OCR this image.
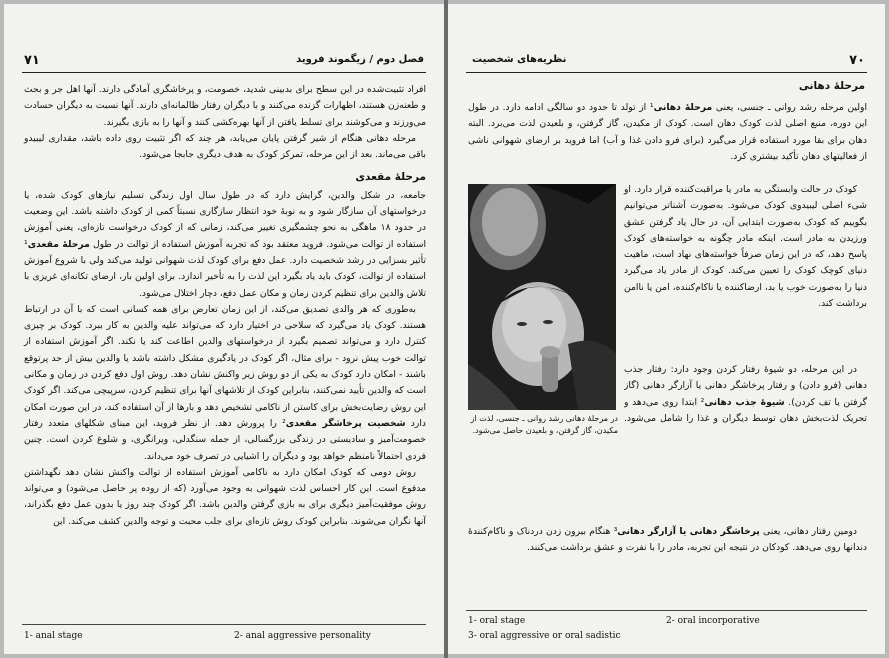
۷۱	فصل دوم / زیگموند فروید

افراد تثبیت‌شده در این سطح برای بدبینی شدید، خصومت، و پرخاشگری آمادگی دارند. آنها اهل جر و بحث و طعنه‌زن هستند، اظهارات گزنده می‌کنند و با دیگران رفتار ظالمانه‌ای دارند. آنها نسبت به دیگران حسادت می‌ورزند و می‌کوشند برای تسلط یافتن از آنها بهره‌کشی کنند و آنها را به بازی بگیرند.

مرحله دهانی هنگام از شیر گرفتن پایان می‌یابد، هر چند که اگر تثبیت روی داده باشد، مقداری لیبیدو باقی می‌ماند. بعد از این مرحله، تمرکز کودک به هدف دیگری جابجا می‌شود.

مرحلهٔ مقعدی

جامعه، در شکل والدین، گرایش دارد که در طول سال اول زندگی تسلیم نیازهای کودک شده، یا درخواستهای آن سازگار شود و به نوبهٔ خود انتظار سازگاری نسبتاً کمی از کودک داشته باشد. این وضعیت در حدود ۱۸ ماهگی به نحو چشمگیری تغییر می‌کند، زمانی که از کودک درخواست تازه‌ای، یعنی آموزش استفاده از توالت می‌شود. فروید معتقد بود که تجربه آموزش استفاده از توالت در طول مرحلهٔ مقعدی¹ تأثیر بسزایی در رشد شخصیت دارد. عمل دفع برای کودک لذت شهوانی تولید می‌کند ولی با شروع آموزش استفاده از توالت، کودک باید یاد بگیرد این لذت را به تأخیر اندازد. برای اولین بار، ارضای تکانه‌ای غریزی با تلاش والدین برای تنظیم کردن زمان و مکان عمل دفع، دچار اختلال می‌شود.

به‌طوری که هر والدی تصدیق می‌کند، از این زمان تعارض برای همه کسانی است که با آن در ارتباط هستند. کودک یاد می‌گیرد که سلاحی در اختیار دارد که می‌تواند علیه والدین به کار ببرد. کودک بر چیزی کنترل دارد و می‌تواند تصمیم بگیرد از درخواستهای والدین اطاعت کند یا نکند. اگر آموزش استفاده از توالت خوب پیش نرود - برای مثال، اگر کودک در یادگیری مشکل داشته باشد یا والدین بیش از حد پرتوقع باشند - امکان دارد کودک به یکی از دو روش زیر واکنش نشان دهد. روش اول دفع کردن در زمان و مکانی است که والدین تأیید نمی‌کنند، بنابراین کودک از تلاشهای آنها برای تنظیم کردن، سرپیچی می‌کند. اگر کودک این روش رضایت‌بخش برای کاستن از ناکامی تشخیص دهد و بارها از آن استفاده کند، در این صورت امکان دارد شخصیت پرخاشگر مقعدی² را پرورش دهد. از نظر فروید، این مبنای شکلهای متعدد رفتار خصومت‌آمیز و سادیستی در زندگی بزرگسالی، از جمله سنگدلی، ویرانگری، و شلوغ کردن است. چنین فردی احتمالاً نامنظم خواهد بود و دیگران را اشیایی در تصرف خود می‌داند.

روش دومی که کودک امکان دارد به ناکامی آموزش استفاده از توالت واکنش نشان دهد نگهداشتن مدفوع است. این کار احساس لذت شهوانی به وجود می‌آورد (که از روده پر حاصل می‌شود) و می‌تواند روش موفقیت‌آمیز دیگری برای به بازی گرفتن والدین باشد. اگر کودک چند روز یا بدون عمل دفع بگذراند، آنها نگران می‌شوند. بنابراین کودک روش تازه‌ای برای جلب محبت و توجه والدین کشف می‌کند. این

1- anal stage	2- anal aggressive personality
نظریه‌های شخصیت	۷۰
مرحلهٔ دهانی

اولین مرحله رشد روانی ـ جنسی، یعنی مرحلهٔ دهانی¹ از تولد تا حدود دو سالگی ادامه دارد. در طول این دوره، منبع اصلی لذت کودک دهان است. کودک از مکیدن، گاز گرفتن، و بلعیدن لذت می‌برد. البته دهان برای بقا مورد استفاده قرار می‌گیرد (برای فرو دادن غذا و آب) اما فروید بر ارضای شهوانی ناشی از فعالیتهای دهان تأکید بیشتری کرد.

در مرحلهٔ دهانی رشد روانی ـ جنسی، لذت از مکیدن، گاز گرفتن، و بلعیدن حاصل می‌شود.

کودک در حالت وابستگی به مادر یا مراقبت‌کننده قرار دارد. او شیء اصلی لیبیدوی کودک می‌شود. به‌صورت آشناتر می‌توانیم بگوییم که کودک به‌صورت ابتدایی آن، در حال یاد گرفتن عشق ورزیدن به مادر است. اینکه مادر چگونه به خواسته‌های کودک پاسخ دهد، که در این زمان صرفاً خواسته‌های نهاد است، ماهیت دنیای کوچک کودک را تعیین می‌کند. کودک از مادر یاد می‌گیرد دنیا را به‌صورت خوب یا بد، ارضاکننده یا ناکام‌کننده، امن یا ناامن برداشت کند.

در این مرحله، دو شیوهٔ رفتار کردن وجود دارد: رفتار جذب دهانی (فرو دادن) و رفتار پرخاشگر دهانی یا آزارگر دهانی (گاز گرفتن یا تف کردن). شیوهٔ جذب دهانی² ابتدا روی می‌دهد و تحریک لذت‌بخش دهان توسط دیگران و غذا را شامل می‌شود.

دومین رفتار دهانی، یعنی پرخاشگر دهانی یا آزارگر دهانی³ هنگام بیرون زدن دردناک و ناکام‌کنندهٔ دندانها روی می‌دهد. کودکان در نتیجه این تجربه، مادر را با نفرت و عشق برداشت می‌کنند.

1- oral stage	2- oral incorporative
3- oral aggressive or oral sadistic
